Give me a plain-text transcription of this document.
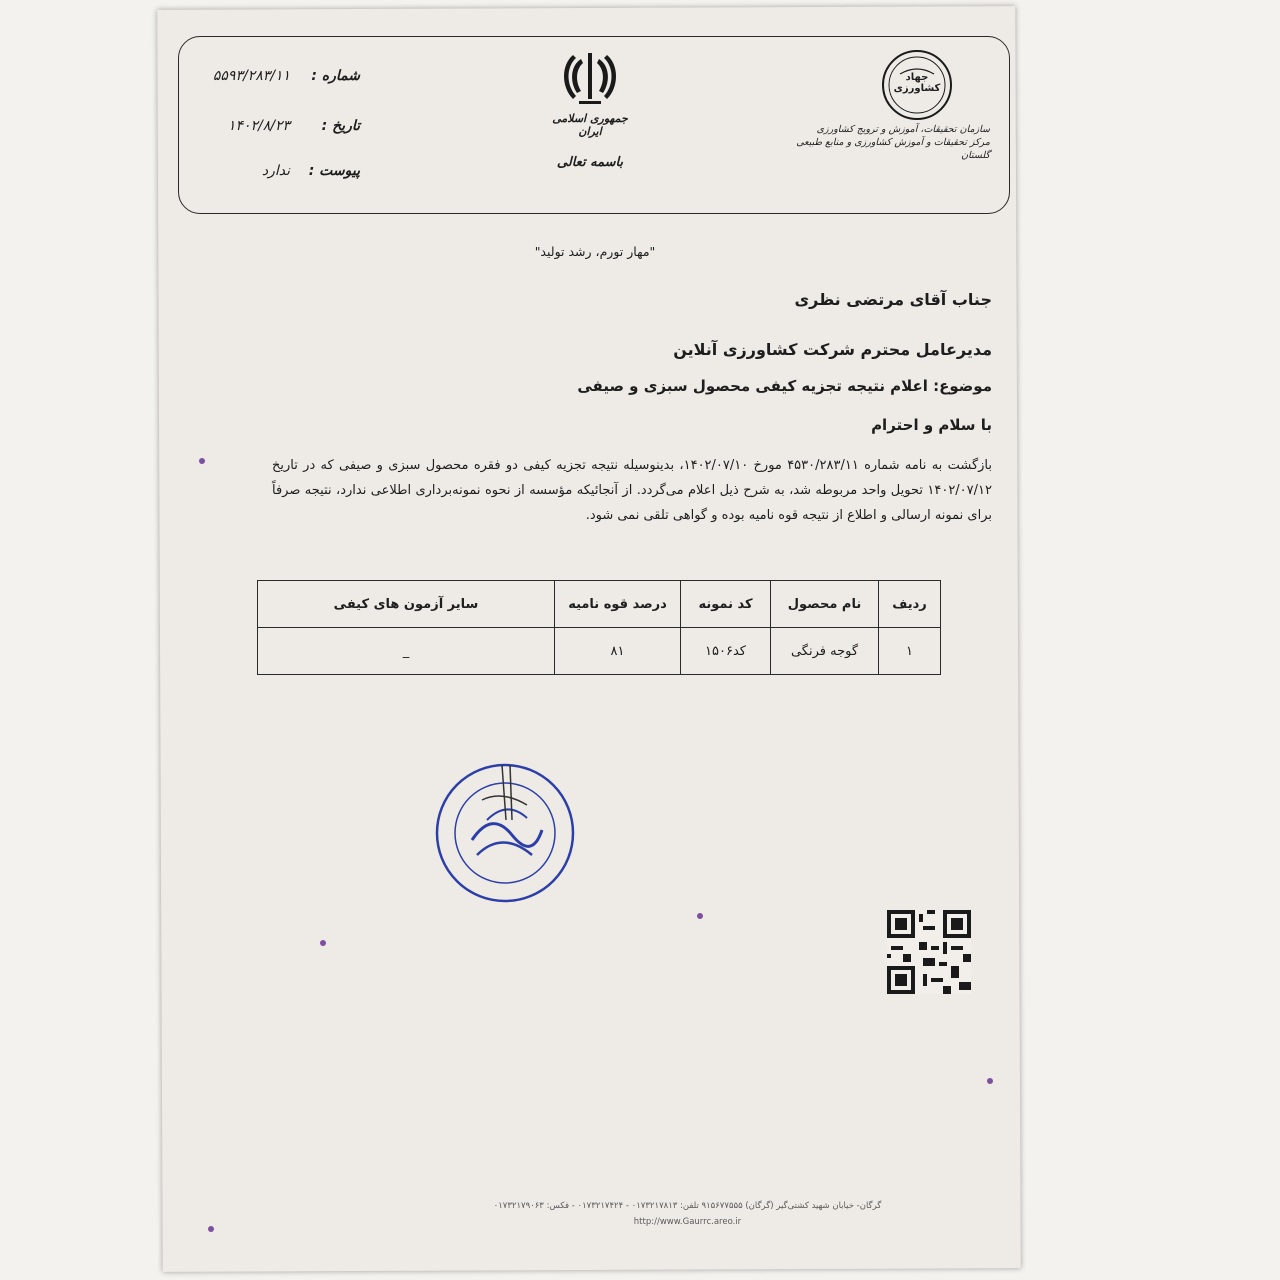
شماره :۵۵۹۳/۲۸۳/۱۱
تاریخ :۱۴۰۲/۸/۲۳
پیوست :ندارد
جمهوری اسلامی ایران
باسمه تعالی
جهاد کشاورزی
سازمان تحقیقات، آموزش و ترویج کشاورزی
مرکز تحقیقات و آموزش کشاورزی و منابع طبیعی گلستان
"مهار تورم، رشد تولید"
جناب آقای مرتضی نظری
مدیرعامل محترم شرکت کشاورزی آنلاین
موضوع: اعلام نتیجه تجزیه کیفی محصول سبزی و صیفی
با سلام و احترام
بازگشت به نامه شماره ۴۵۳۰/۲۸۳/۱۱ مورخ ۱۴۰۲/۰۷/۱۰، بدینوسیله نتیجه تجزیه کیفی دو فقره محصول سبزی و صیفی که در تاریخ ۱۴۰۲/۰۷/۱۲ تحویل واحد مربوطه شد، به شرح ذیل اعلام می‌گردد. از آنجائیکه مؤسسه از نحوه نمونه‌برداری اطلاعی ندارد، نتیجه صرفاً برای نمونه ارسالی و اطلاع از نتیجه قوه نامیه بوده و گواهی تلقی نمی شود.
ردیف	نام محصول	کد نمونه	درصد قوه نامیه	سایر آزمون های کیفی
۱	گوجه فرنگی	کد۱۵۰۶	۸۱	_
گرگان- خیابان شهید کشتی‌گیر (گرگان) ۹۱۵۶۷۷۵۵۵ تلفن: ۰۱۷۳۲۱۷۸۱۳ - ۰۱۷۳۲۱۷۴۲۴ - فکس: ۰۱۷۳۲۱۷۹۰۶۳
http://www.Gaurrc.areo.ir
